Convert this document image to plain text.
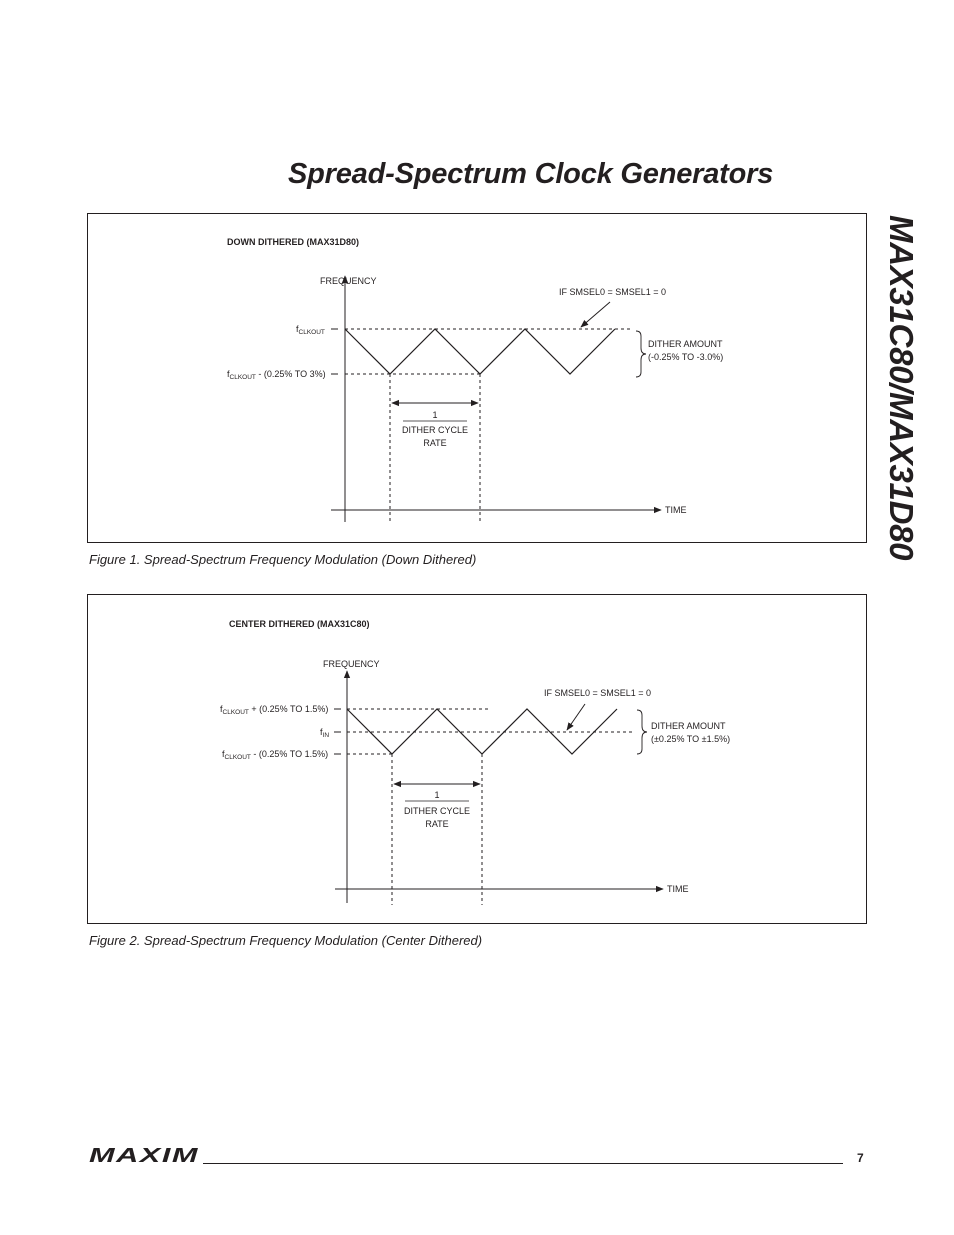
Spread-Spectrum Clock Generators
MAX31C80/MAX31D80
DOWN DITHERED (MAX31D80)
FREQUENCY
TIME
$f_{CLKOUT}$
$f_{CLKOUT} - (0.25\%$ TO 3%)
1
DITHER CYCLE
RATE
IF SMSEL0 = SMSEL1 = 0
DITHER AMOUNT
(-0.25% TO -3.0%)
Figure 1. Spread-Spectrum Frequency Modulation (Down Dithered)
CENTER DITHERED (MAX31C80)
FREQUENCY
TIME
$f_{CLKOUT} + (0.25\%$ TO 1.5%)
$f_{IN}$
$f_{CLKOUT} - (0.25\%$ TO 1.5%)
1
DITHER CYCLE
RATE
IF SMSEL0 = SMSEL1 = 0
DITHER AMOUNT
(±0.25% TO ±1.5%)
Figure 2. Spread-Spectrum Frequency Modulation (Center Dithered)
MAXIM	7
